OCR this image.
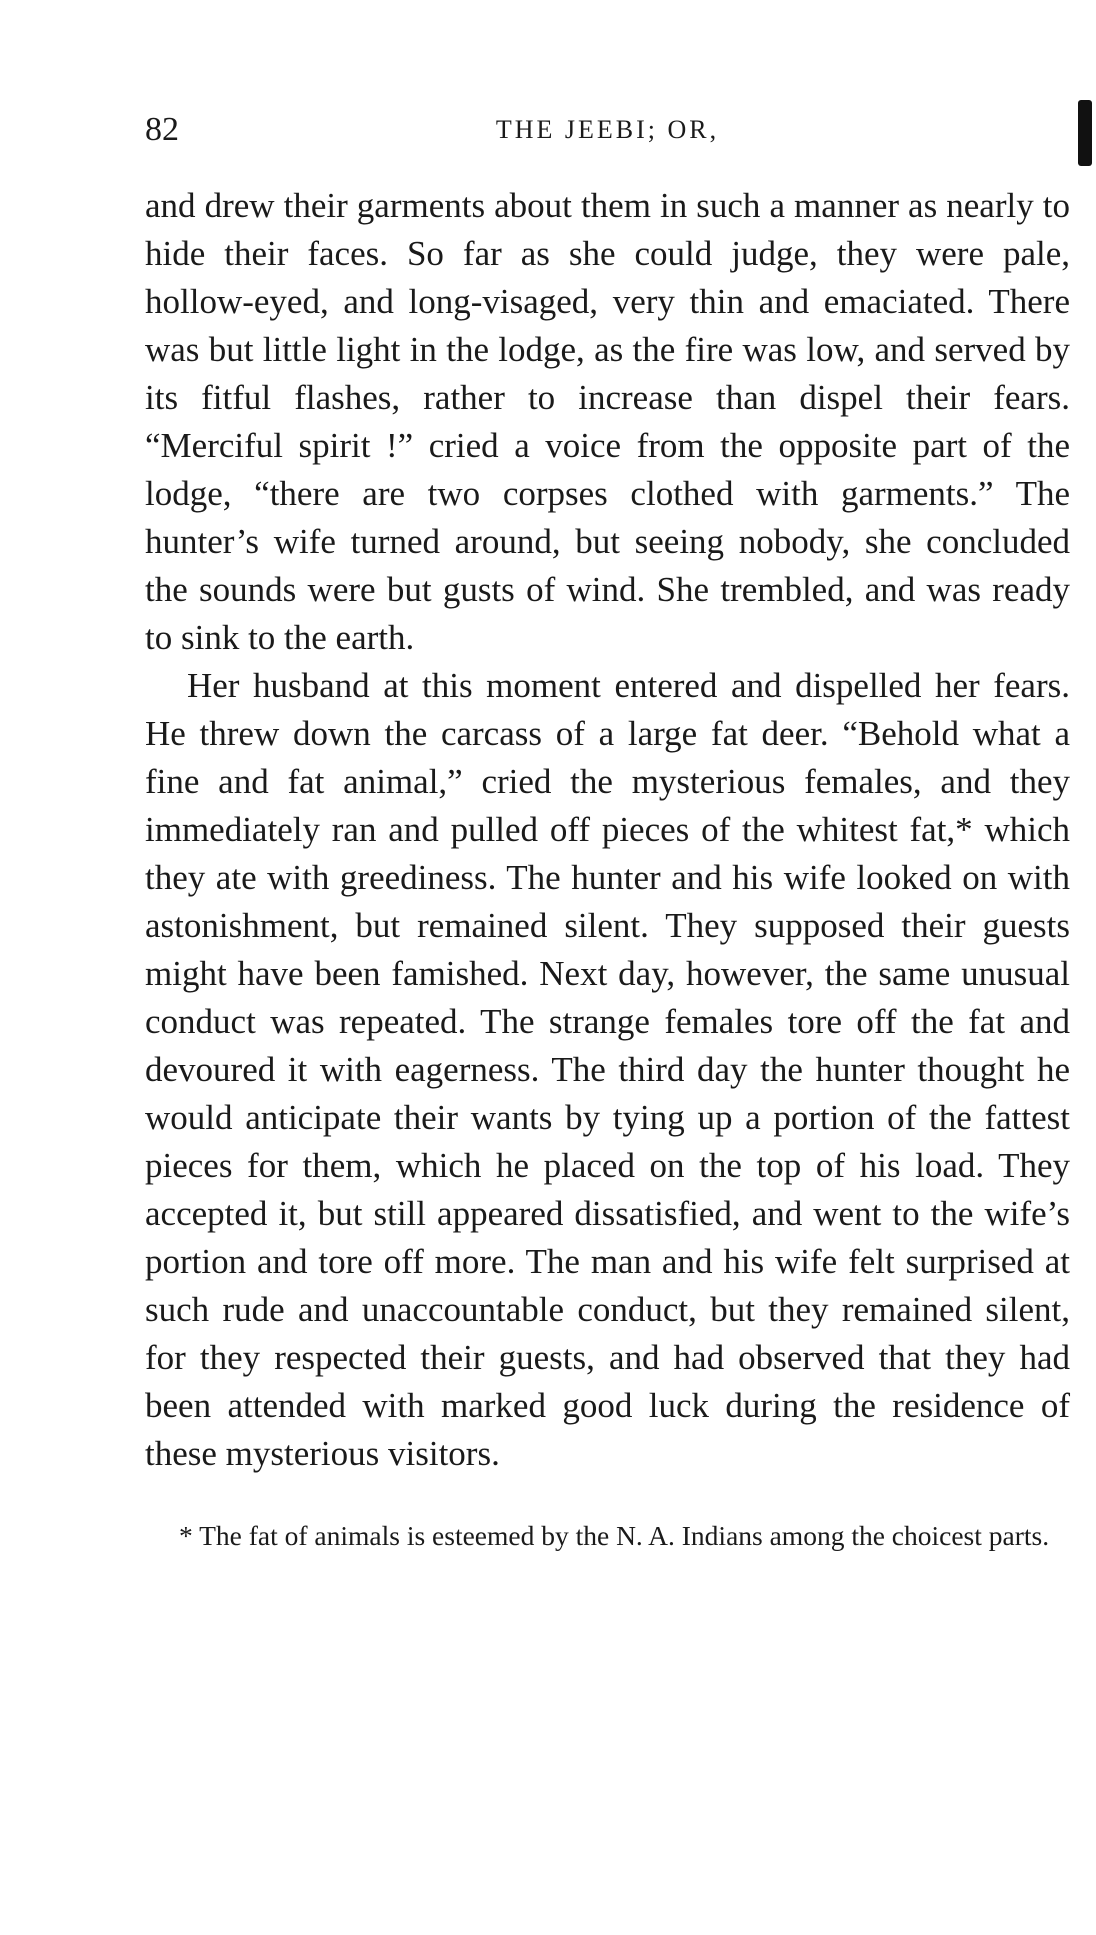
82	THE JEEBI; OR,

and drew their garments about them in such a manner as nearly to hide their faces. So far as she could judge, they were pale, hollow-eyed, and long-visaged, very thin and emaciated. There was but little light in the lodge, as the fire was low, and served by its fitful flashes, rather to increase than dispel their fears. “Merciful spirit !” cried a voice from the opposite part of the lodge, “there are two corpses clothed with garments.” The hunter’s wife turned around, but seeing nobody, she concluded the sounds were but gusts of wind. She trembled, and was ready to sink to the earth.

Her husband at this moment entered and dispelled her fears. He threw down the carcass of a large fat deer. “Behold what a fine and fat animal,” cried the mysterious females, and they immediately ran and pulled off pieces of the whitest fat,* which they ate with greediness. The hunter and his wife looked on with astonishment, but remained silent. They supposed their guests might have been famished. Next day, however, the same unusual conduct was repeated. The strange females tore off the fat and devoured it with eagerness. The third day the hunter thought he would anticipate their wants by tying up a portion of the fattest pieces for them, which he placed on the top of his load. They accepted it, but still appeared dissatisfied, and went to the wife’s portion and tore off more. The man and his wife felt surprised at such rude and unaccountable conduct, but they remained silent, for they respected their guests, and had observed that they had been attended with marked good luck during the residence of these mysterious visitors.

* The fat of animals is esteemed by the N. A. Indians among the choicest parts.
